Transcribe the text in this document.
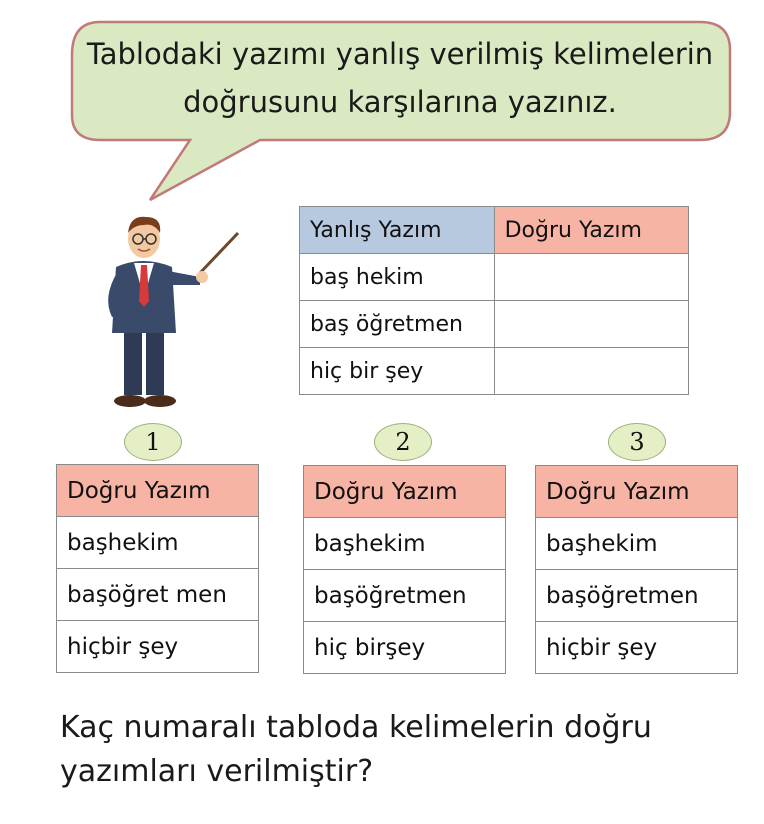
Tablodaki yazımı yanlış verilmiş kelimelerin doğrusunu karşılarına yazınız.
Yanlış Yazım	Doğru Yazım
baş hekim	
baş öğretmen	
hiç bir şey	
1	2	3
Doğru Yazım
başhekim
başöğret men
hiçbir şey
Doğru Yazım
başhekim
başöğretmen
hiç birşey
Doğru Yazım
başhekim
başöğretmen
hiçbir şey
Kaç numaralı tabloda kelimelerin doğru yazımları verilmiştir?
